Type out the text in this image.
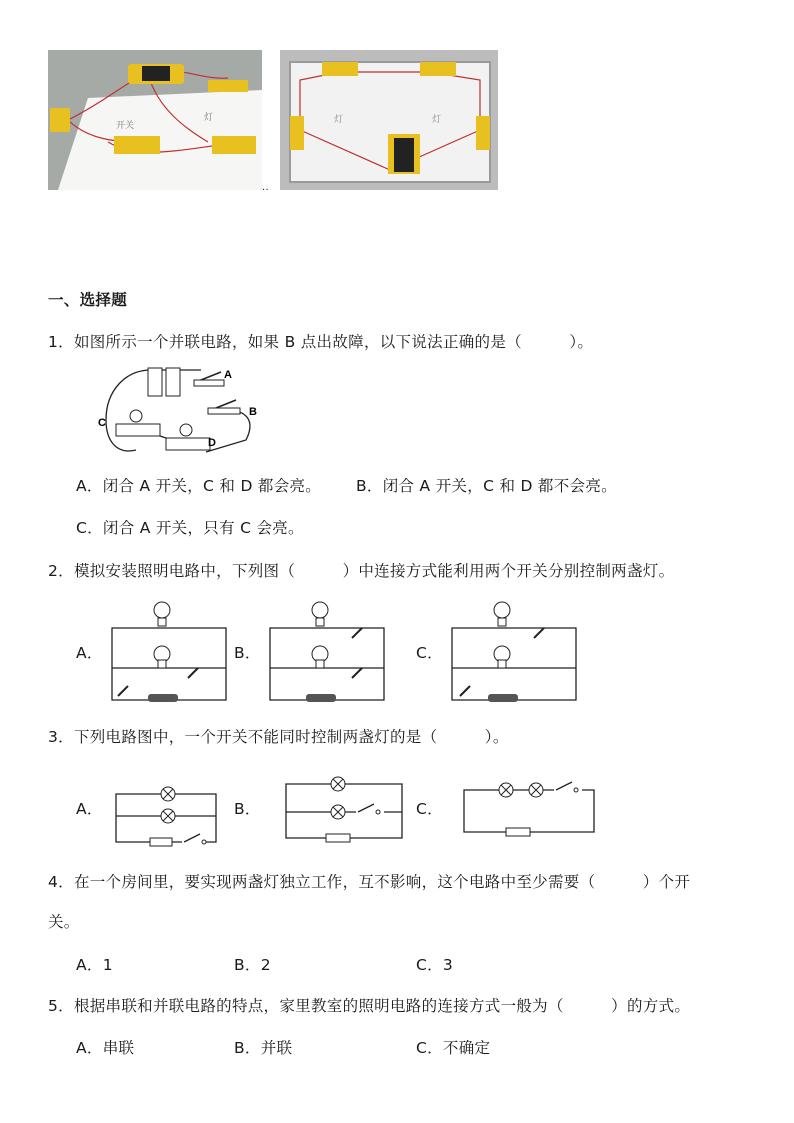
开关
灯
..
灯	灯
一、选择题
1．如图所示一个并联电路，如果 B 点出故障，以下说法正确的是（　　　）。
A
B
C
D
A．闭合 A 开关，C 和 D 都会亮。 B．闭合 A 开关，C 和 D 都不会亮。
C．闭合 A 开关，只有 C 会亮。
2．模拟安装照明电路中，下列图（　　　）中连接方式能利用两个开关分别控制两盏灯。
A．	B．	C．
3．下列电路图中，一个开关不能同时控制两盏灯的是（　　　）。
A．	B．	C．
4．在一个房间里，要实现两盏灯独立工作，互不影响，这个电路中至少需要（　　　）个开
关。
A．1	B．2	C．3
5．根据串联和并联电路的特点，家里教室的照明电路的连接方式一般为（　　　）的方式。
A．串联	B．并联	C．不确定
